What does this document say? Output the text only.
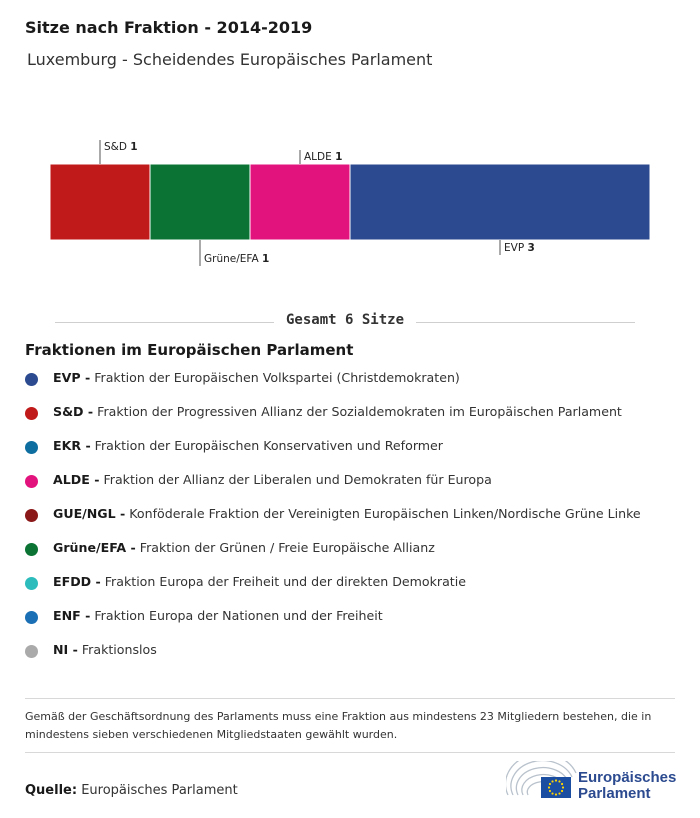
Sitze nach Fraktion - 2014-2019
Luxemburg - Scheidendes Europäisches Parlament
S&D 1
Grüne/EFA 1
ALDE 1
EVP 3
Gesamt 6 Sitze
Fraktionen im Europäischen Parlament
EVP - Fraktion der Europäischen Volkspartei (Christdemokraten)
S&D - Fraktion der Progressiven Allianz der Sozialdemokraten im Europäischen Parlament
EKR - Fraktion der Europäischen Konservativen und Reformer
ALDE - Fraktion der Allianz der Liberalen und Demokraten für Europa
GUE/NGL - Konföderale Fraktion der Vereinigten Europäischen Linken/Nordische Grüne Linke
Grüne/EFA - Fraktion der Grünen / Freie Europäische Allianz
EFDD - Fraktion Europa der Freiheit und der direkten Demokratie
ENF - Fraktion Europa der Nationen und der Freiheit
NI - Fraktionslos
Gemäß der Geschäftsordnung des Parlaments muss eine Fraktion aus mindestens 23 Mitgliedern bestehen, die in mindestens sieben verschiedenen Mitgliedstaaten gewählt wurden.
Quelle: Europäisches Parlament
Europäisches
Parlament
